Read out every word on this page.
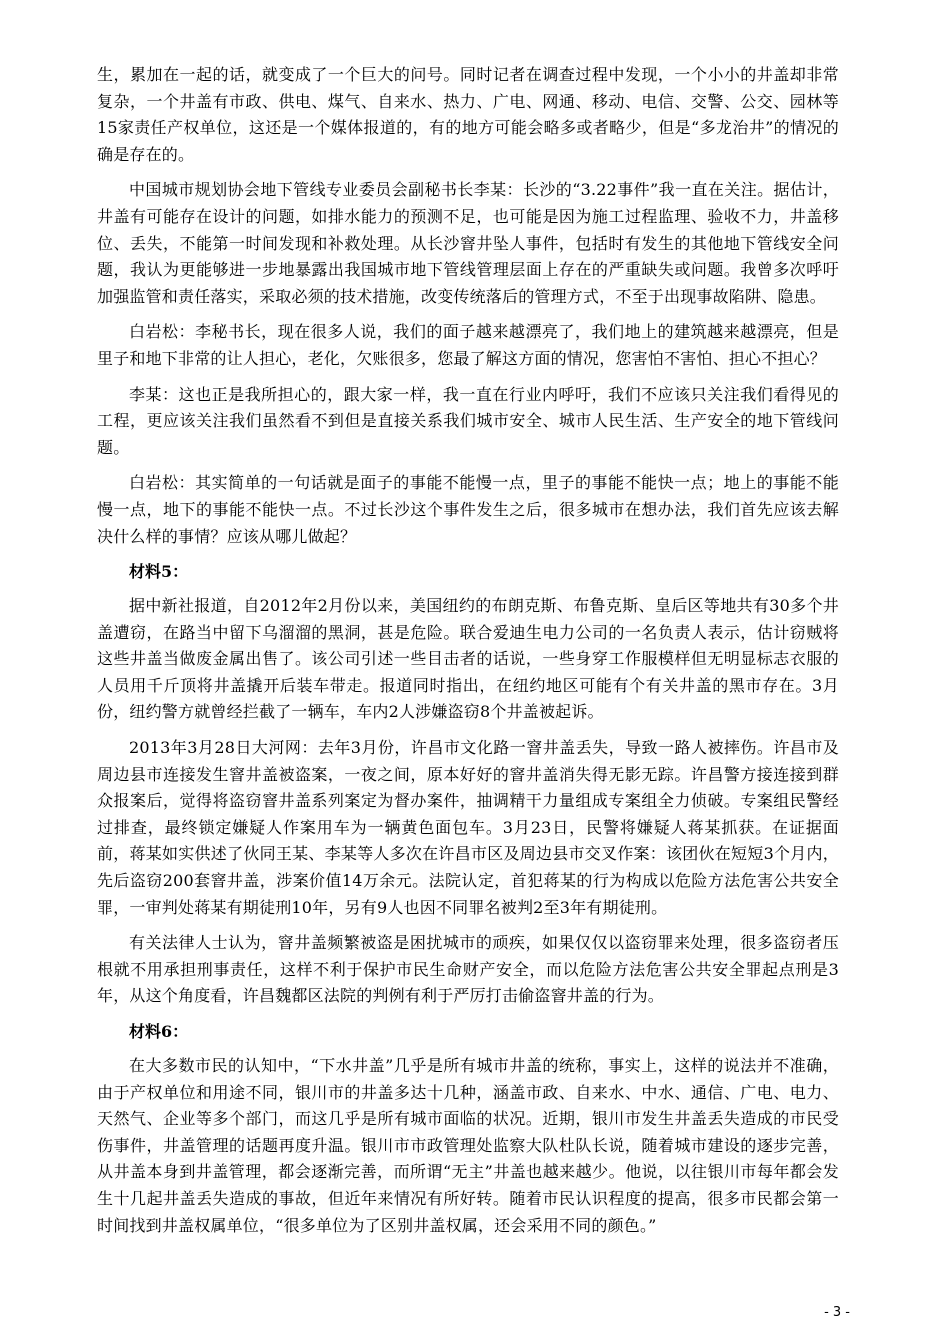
生，累加在一起的话，就变成了一个巨大的问号。同时记者在调查过程中发现，一个小小的井盖却非常复杂，一个井盖有市政、供电、煤气、自来水、热力、广电、网通、移动、电信、交警、公交、园林等15家责任产权单位，这还是一个媒体报道的，有的地方可能会略多或者略少，但是“多龙治井”的情况的确是存在的。

中国城市规划协会地下管线专业委员会副秘书长李某：长沙的“3.22事件”我一直在关注。据估计，井盖有可能存在设计的问题，如排水能力的预测不足，也可能是因为施工过程监理、验收不力，井盖移位、丢失，不能第一时间发现和补救处理。从长沙窨井坠人事件，包括时有发生的其他地下管线安全问题，我认为更能够进一步地暴露出我国城市地下管线管理层面上存在的严重缺失或问题。我曾多次呼吁加强监管和责任落实，采取必须的技术措施，改变传统落后的管理方式，不至于出现事故陷阱、隐患。

白岩松：李秘书长，现在很多人说，我们的面子越来越漂亮了，我们地上的建筑越来越漂亮，但是里子和地下非常的让人担心，老化，欠账很多，您最了解这方面的情况，您害怕不害怕、担心不担心？

李某：这也正是我所担心的，跟大家一样，我一直在行业内呼吁，我们不应该只关注我们看得见的工程，更应该关注我们虽然看不到但是直接关系我们城市安全、城市人民生活、生产安全的地下管线问题。

白岩松：其实简单的一句话就是面子的事能不能慢一点，里子的事能不能快一点；地上的事能不能慢一点，地下的事能不能快一点。不过长沙这个事件发生之后，很多城市在想办法，我们首先应该去解决什么样的事情？应该从哪儿做起？

材料5：

据中新社报道，自2012年2月份以来，美国纽约的布朗克斯、布鲁克斯、皇后区等地共有30多个井盖遭窃，在路当中留下乌溜溜的黑洞，甚是危险。联合爱迪生电力公司的一名负责人表示，估计窃贼将这些井盖当做废金属出售了。该公司引述一些目击者的话说，一些身穿工作服模样但无明显标志衣服的人员用千斤顶将井盖撬开后装车带走。报道同时指出，在纽约地区可能有个有关井盖的黑市存在。3月份，纽约警方就曾经拦截了一辆车，车内2人涉嫌盗窃8个井盖被起诉。

2013年3月28日大河网：去年3月份，许昌市文化路一窨井盖丢失，导致一路人被摔伤。许昌市及周边县市连接发生窨井盖被盗案，一夜之间，原本好好的窨井盖消失得无影无踪。许昌警方接连接到群众报案后，觉得将盗窃窨井盖系列案定为督办案件，抽调精干力量组成专案组全力侦破。专案组民警经过排查，最终锁定嫌疑人作案用车为一辆黄色面包车。3月23日，民警将嫌疑人蒋某抓获。在证据面前，蒋某如实供述了伙同王某、李某等人多次在许昌市区及周边县市交叉作案：该团伙在短短3个月内，先后盗窃200套窨井盖，涉案价值14万余元。法院认定，首犯蒋某的行为构成以危险方法危害公共安全罪，一审判处蒋某有期徒刑10年，另有9人也因不同罪名被判2至3年有期徒刑。

有关法律人士认为，窨井盖频繁被盗是困扰城市的顽疾，如果仅仅以盗窃罪来处理，很多盗窃者压根就不用承担刑事责任，这样不利于保护市民生命财产安全，而以危险方法危害公共安全罪起点刑是3年，从这个角度看，许昌魏都区法院的判例有利于严厉打击偷盗窨井盖的行为。

材料6：

在大多数市民的认知中，“下水井盖”几乎是所有城市井盖的统称，事实上，这样的说法并不准确，由于产权单位和用途不同，银川市的井盖多达十几种，涵盖市政、自来水、中水、通信、广电、电力、天然气、企业等多个部门，而这几乎是所有城市面临的状况。近期，银川市发生井盖丢失造成的市民受伤事件，井盖管理的话题再度升温。银川市市政管理处监察大队杜队长说，随着城市建设的逐步完善，从井盖本身到井盖管理，都会逐渐完善，而所谓“无主”井盖也越来越少。他说，以往银川市每年都会发生十几起井盖丢失造成的事故，但近年来情况有所好转。随着市民认识程度的提高，很多市民都会第一时间找到井盖权属单位，“很多单位为了区别井盖权属，还会采用不同的颜色。”

- 3 -
